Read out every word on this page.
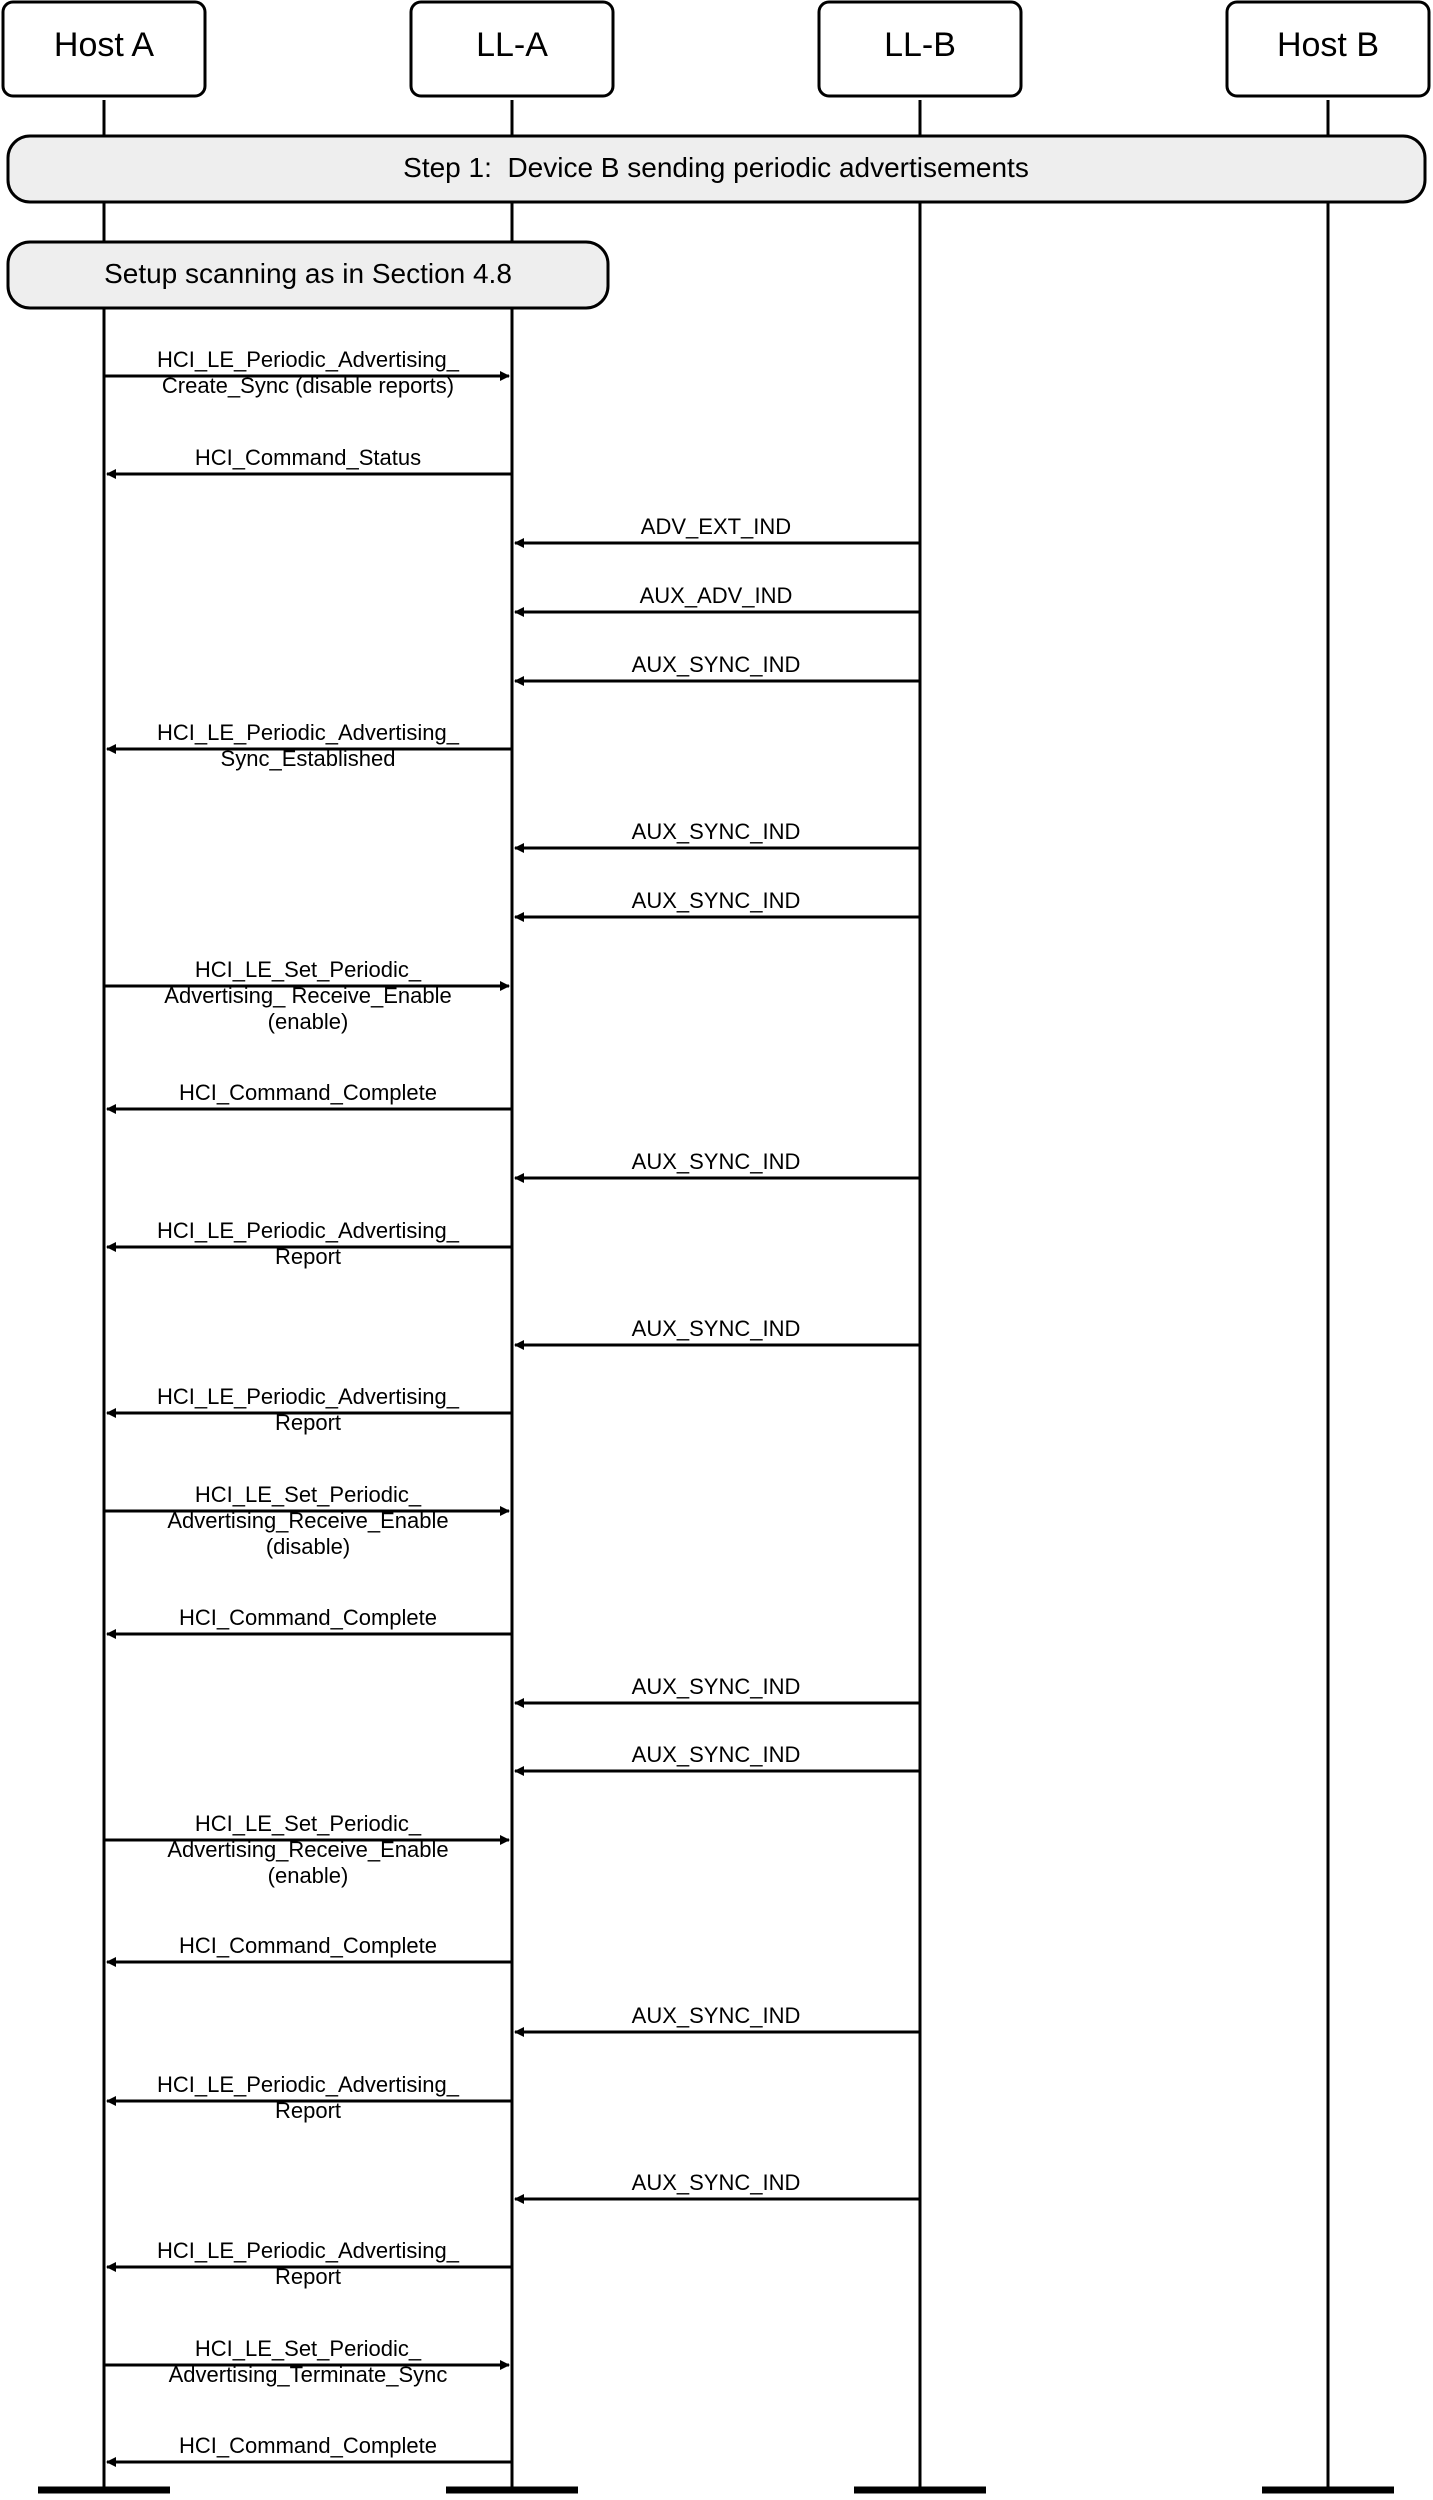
Host A	LL-A	LL-B	Host B
Step 1:  Device B sending periodic advertisements
Setup scanning as in Section 4.8
HCI_LE_Periodic_Advertising_
Create_Sync (disable reports)
HCI_Command_Status
ADV_EXT_IND
AUX_ADV_IND
AUX_SYNC_IND
HCI_LE_Periodic_Advertising_
Sync_Established
AUX_SYNC_IND
AUX_SYNC_IND
HCI_LE_Set_Periodic_
Advertising_ Receive_Enable
(enable)
HCI_Command_Complete
AUX_SYNC_IND
HCI_LE_Periodic_Advertising_
Report
AUX_SYNC_IND
HCI_LE_Periodic_Advertising_
Report
HCI_LE_Set_Periodic_
Advertising_Receive_Enable
(disable)
HCI_Command_Complete
AUX_SYNC_IND
AUX_SYNC_IND
HCI_LE_Set_Periodic_
Advertising_Receive_Enable
(enable)
HCI_Command_Complete
AUX_SYNC_IND
HCI_LE_Periodic_Advertising_
Report
AUX_SYNC_IND
HCI_LE_Periodic_Advertising_
Report
HCI_LE_Set_Periodic_
Advertising_Terminate_Sync
HCI_Command_Complete
